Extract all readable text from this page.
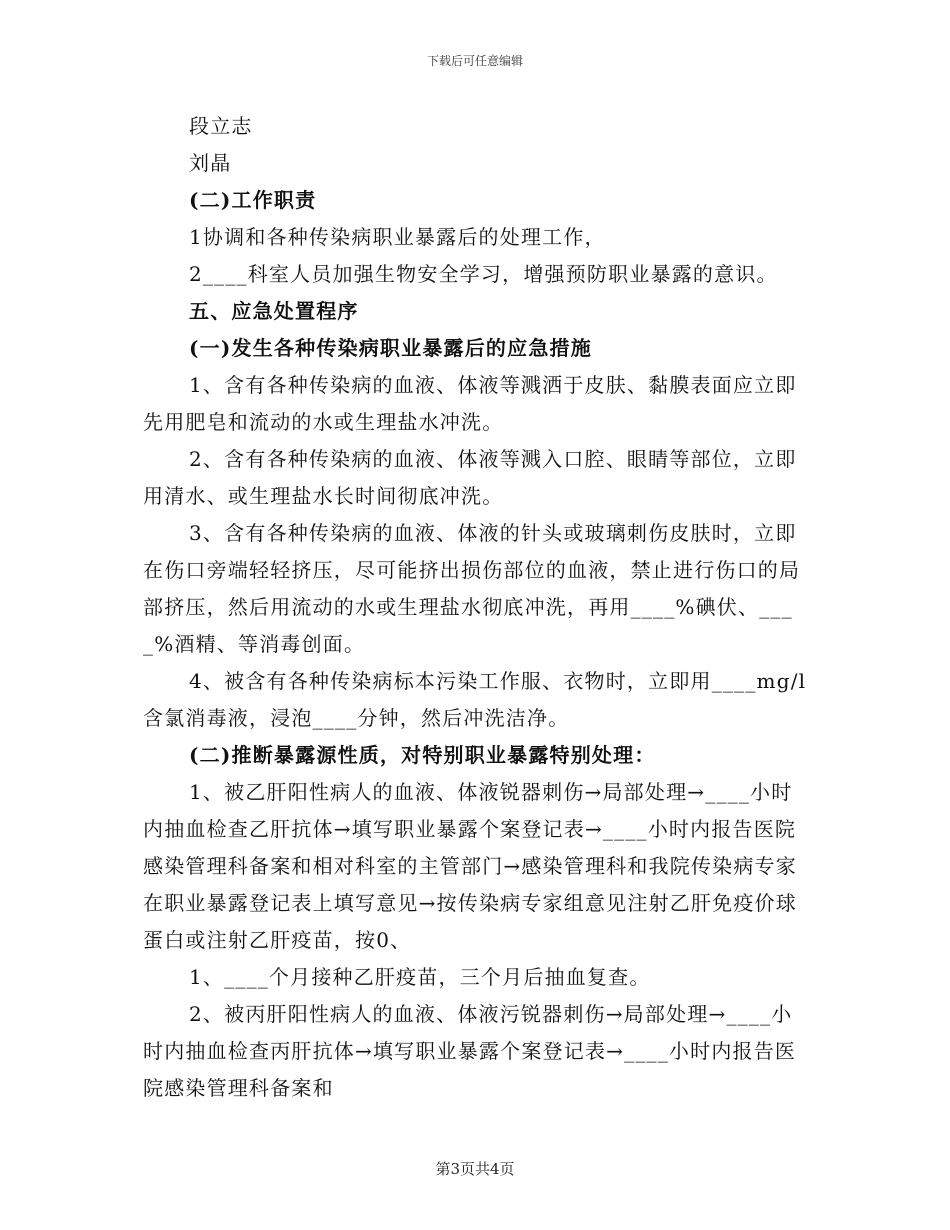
下载后可任意编辑

段立志

刘晶

(二)工作职责

1协调和各种传染病职业暴露后的处理工作，

2____科室人员加强生物安全学习，增强预防职业暴露的意识。

五、应急处置程序

(一)发生各种传染病职业暴露后的应急措施

1、含有各种传染病的血液、体液等溅洒于皮肤、黏膜表面应立即先用肥皂和流动的水或生理盐水冲洗。

2、含有各种传染病的血液、体液等溅入口腔、眼睛等部位，立即用清水、或生理盐水长时间彻底冲洗。

3、含有各种传染病的血液、体液的针头或玻璃刺伤皮肤时，立即在伤口旁端轻轻挤压，尽可能挤出损伤部位的血液，禁止进行伤口的局部挤压，然后用流动的水或生理盐水彻底冲洗，再用____%碘伏、____%酒精、等消毒创面。

4、被含有各种传染病标本污染工作服、衣物时，立即用____mg/l含氯消毒液，浸泡____分钟，然后冲洗洁净。

(二)推断暴露源性质，对特别职业暴露特别处理：

1、被乙肝阳性病人的血液、体液锐器刺伤→局部处理→____小时内抽血检查乙肝抗体→填写职业暴露个案登记表→____小时内报告医院感染管理科备案和相对科室的主管部门→感染管理科和我院传染病专家在职业暴露登记表上填写意见→按传染病专家组意见注射乙肝免疫价球蛋白或注射乙肝疫苗，按0、

1、____个月接种乙肝疫苗，三个月后抽血复查。

2、被丙肝阳性病人的血液、体液污锐器刺伤→局部处理→____小时内抽血检查丙肝抗体→填写职业暴露个案登记表→____小时内报告医院感染管理科备案和

第3页共4页
